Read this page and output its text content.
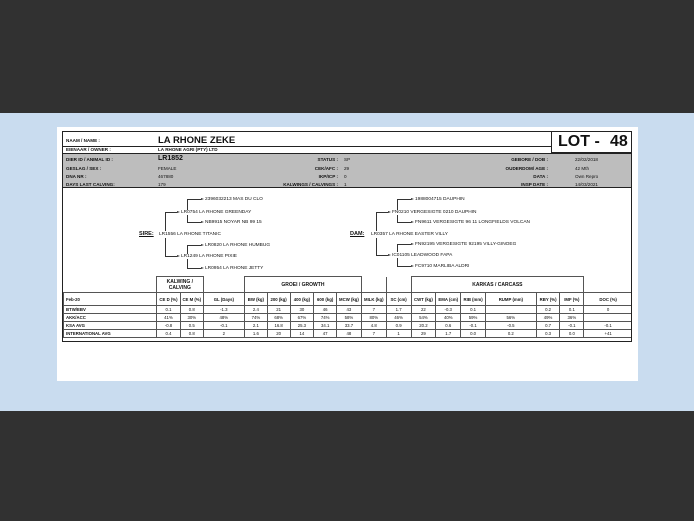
NAAM / NAME :	LA RHONE ZEKE
EIENAAR / OWNER :	LA RHONE AGRI (PTY) LTD	LOT - 48
DIER ID / ANIMAL ID :	LR1852
GESLAG / SEX :	FEMALE
DNA NR :	467880
DAYS LAST CALVING:	179
STATUS : SP
CEK/AFC : 29
IKP/ICP : 0
KALWINGS / CALVINGS : 1
GEBORE / DOB :	22/02/2018
OUDERDOM/ AGE :	42 Mth
DATA :	Own Repro
INSP DATE :	14/03/2021
SIRE: LR1556 LA RHONE TITANIC
LR0754 LA RHONE GREENDAY
2396032213 MAS DU CLO
NB9915 NOYAR NB 99 15
LR1249 LA RHONE PIXIE
LR0820 LA RHONE HUMBUG
LR0954 LA RHONE JETTY
DAM: LR0357 LA RHONE EASTER VILLY
FN0210 VERGESIGTE 0210 DAUPHIN
1988004715 DAUPHIN
FN9611 VERGESIGTE 96 11 LONGFIELDS VOLCAN
IC01105 LEADWOOD FAPA
FN92195 VERGESIGTE 92195 VILLY-GINOEG
FC9710 MARLIBA ALDRI
	KALWING / CALVING			GROEI / GROWTH							KARKAS / CARCASS						
Feb-20	CE D (%)	CE M (%)	GL (Days)	BW (kg)	200 (kg)	400 (kg)	600 (kg)	MCW (kg)	MILK (kg)	SC (cm)	CWT (kg)	EMA (cm)	RIB (mm)	RUMP (mm)	RBY (%)	IMF (%)	DOC (%)
BTW/EBV	0.1	0.8	-1.3	2.4	21	30	46	43	7	1.7	22	-0.3	0.1		0.2	0.1	0
AKK/ACC	41%	30%	48%	74%	68%	67%	74%	58%	80%	46%	54%	40%	59%	56%	49%	36%	
KSA AVG	-0.8	0.5	-0.1	2.1	16.8	25.3	34.1	33.7	4.8	0.9	20.2	0.6	-0.1	-0.5	0.7	-0.1	-0.1
INTERNATIONAL AVG	0.4	0.8	2	1.6	20	14	47	48	7	1	29	1.7	0.0	0.2	0.3	0.0	+41
